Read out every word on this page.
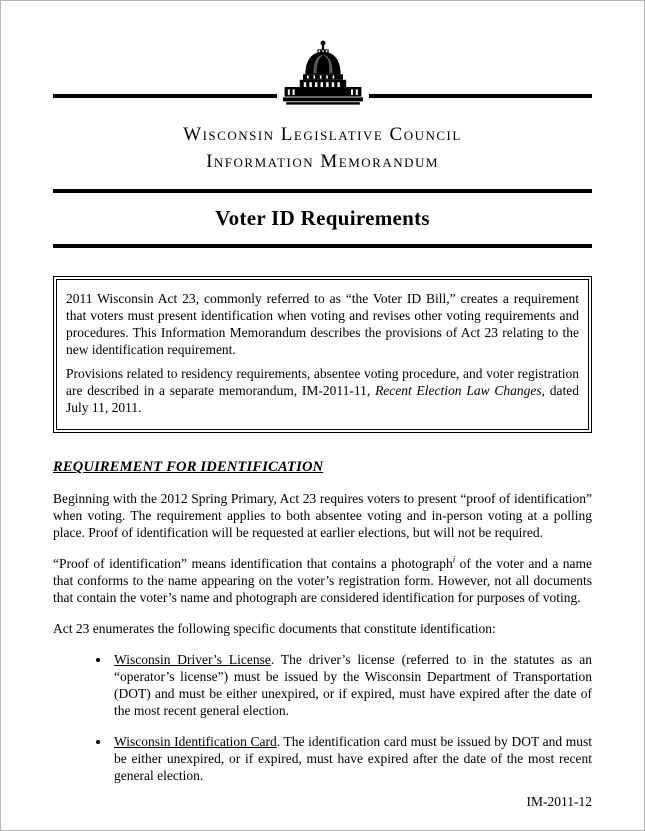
Wisconsin Legislative Council
Information Memorandum
Voter ID Requirements

2011 Wisconsin Act 23, commonly referred to as “the Voter ID Bill,” creates a requirement that voters must present identification when voting and revises other voting requirements and procedures. This Information Memorandum describes the provisions of Act 23 relating to the new identification requirement.

Provisions related to residency requirements, absentee voting procedure, and voter registration are described in a separate memorandum, IM-2011-11, Recent Election Law Changes, dated July 11, 2011.

REQUIREMENT FOR IDENTIFICATION

Beginning with the 2012 Spring Primary, Act 23 requires voters to present “proof of identification” when voting. The requirement applies to both absentee voting and in-person voting at a polling place. Proof of identification will be requested at earlier elections, but will not be required.

“Proof of identification” means identification that contains a photograph$^i$ of the voter and a name that conforms to the name appearing on the voter’s registration form. However, not all documents that contain the voter’s name and photograph are considered identification for purposes of voting.

Act 23 enumerates the following specific documents that constitute identification:

• Wisconsin Driver’s License. The driver’s license (referred to in the statutes as an “operator’s license”) must be issued by the Wisconsin Department of Transportation (DOT) and must be either unexpired, or if expired, must have expired after the date of the most recent general election.
• Wisconsin Identification Card. The identification card must be issued by DOT and must be either unexpired, or if expired, must have expired after the date of the most recent general election.
IM-2011-12
